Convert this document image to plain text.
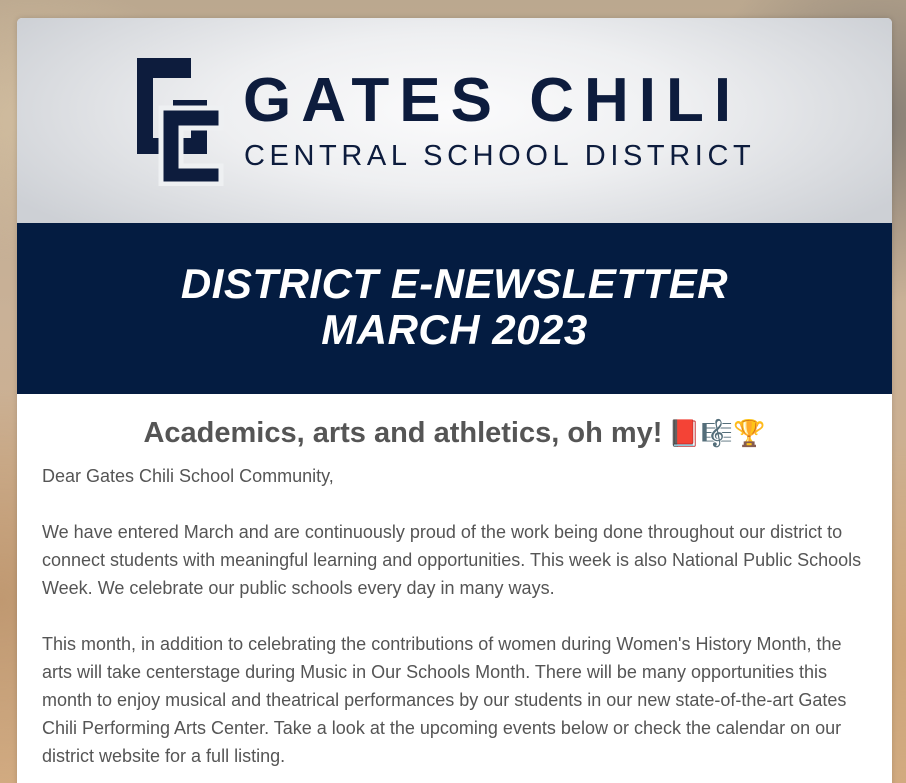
GATES CHILI
CENTRAL SCHOOL DISTRICT
DISTRICT E-NEWSLETTER
MARCH 2023
Academics, arts and athletics, oh my! 📕🎼🏆

Dear Gates Chili School Community,

We have entered March and are continuously proud of the work being done throughout our district to connect students with meaningful learning and opportunities. This week is also National Public Schools Week. We celebrate our public schools every day in many ways.

This month, in addition to celebrating the contributions of women during Women's History Month, the arts will take centerstage during Music in Our Schools Month. There will be many opportunities this month to enjoy musical and theatrical performances by our students in our new state-of-the-art Gates Chili Performing Arts Center. Take a look at the upcoming events below or check the calendar on our district website for a full listing.
